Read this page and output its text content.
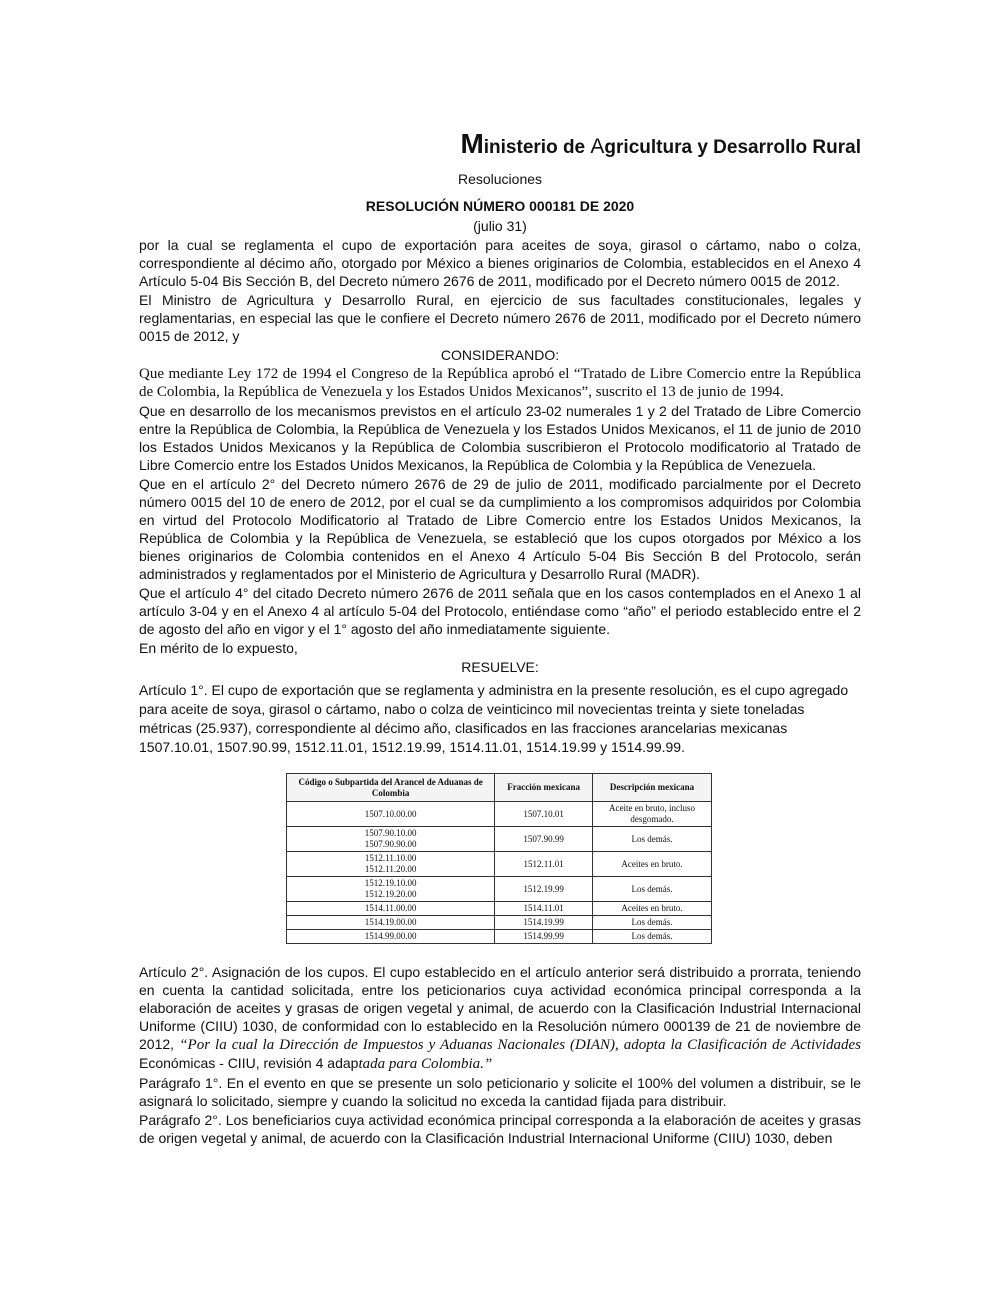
Ministerio de Agricultura y Desarrollo Rural
Resoluciones
RESOLUCIÓN NÚMERO 000181 DE 2020
(julio 31)

por la cual se reglamenta el cupo de exportación para aceites de soya, girasol o cártamo, nabo o colza, correspondiente al décimo año, otorgado por México a bienes originarios de Colombia, establecidos en el Anexo 4 Artículo 5-04 Bis Sección B, del Decreto número 2676 de 2011, modificado por el Decreto número 0015 de 2012.

El Ministro de Agricultura y Desarrollo Rural, en ejercicio de sus facultades constitucionales, legales y reglamentarias, en especial las que le confiere el Decreto número 2676 de 2011, modificado por el Decreto número 0015 de 2012, y

CONSIDERANDO:

Que mediante Ley 172 de 1994 el Congreso de la República aprobó el “Tratado de Libre Comercio entre la República de Colombia, la República de Venezuela y los Estados Unidos Mexicanos”, suscrito el 13 de junio de 1994.

Que en desarrollo de los mecanismos previstos en el artículo 23-02 numerales 1 y 2 del Tratado de Libre Comercio entre la República de Colombia, la República de Venezuela y los Estados Unidos Mexicanos, el 11 de junio de 2010 los Estados Unidos Mexicanos y la República de Colombia suscribieron el Protocolo modificatorio al Tratado de Libre Comercio entre los Estados Unidos Mexicanos, la República de Colombia y la República de Venezuela.

Que en el artículo 2° del Decreto número 2676 de 29 de julio de 2011, modificado parcialmente por el Decreto número 0015 del 10 de enero de 2012, por el cual se da cumplimiento a los compromisos adquiridos por Colombia en virtud del Protocolo Modificatorio al Tratado de Libre Comercio entre los Estados Unidos Mexicanos, la República de Colombia y la República de Venezuela, se estableció que los cupos otorgados por México a los bienes originarios de Colombia contenidos en el Anexo 4 Artículo 5-04 Bis Sección B del Protocolo, serán administrados y reglamentados por el Ministerio de Agricultura y Desarrollo Rural (MADR).

Que el artículo 4° del citado Decreto número 2676 de 2011 señala que en los casos contemplados en el Anexo 1 al artículo 3-04 y en el Anexo 4 al artículo 5-04 del Protocolo, entiéndase como “año” el periodo establecido entre el 2 de agosto del año en vigor y el 1° agosto del año inmediatamente siguiente.

En mérito de lo expuesto,

RESUELVE:

Artículo 1°. El cupo de exportación que se reglamenta y administra en la presente resolución, es el cupo agregado para aceite de soya, girasol o cártamo, nabo o colza de veinticinco mil novecientas treinta y siete toneladas métricas (25.937), correspondiente al décimo año, clasificados en las fracciones arancelarias mexicanas 1507.10.01, 1507.90.99, 1512.11.01, 1512.19.99, 1514.11.01, 1514.19.99 y 1514.99.99.
Código o Subpartida del Arancel de Aduanas de Colombia	Fracción mexicana	Descripción mexicana
1507.10.00.00	1507.10.01	Aceite en bruto, incluso desgomado.
1507.90.10.00
1507.90.90.00	1507.90.99	Los demás.
1512.11.10.00
1512.11.20.00	1512.11.01	Aceites en bruto.
1512.19.10.00
1512.19.20.00	1512.19.99	Los demás.
1514.11.00.00	1514.11.01	Aceites en bruto.
1514.19.00.00	1514.19.99	Los demás.
1514.99.00.00	1514.99.99	Los demás.

Artículo 2°. Asignación de los cupos. El cupo establecido en el artículo anterior será distribuido a prorrata, teniendo en cuenta la cantidad solicitada, entre los peticionarios cuya actividad económica principal corresponda a la elaboración de aceites y grasas de origen vegetal y animal, de acuerdo con la Clasificación Industrial Internacional Uniforme (CIIU) 1030, de conformidad con lo establecido en la Resolución número 000139 de 21 de noviembre de 2012, “Por la cual la Dirección de Impuestos y Aduanas Nacionales (DIAN), adopta la Clasificación de Actividades Económicas - CIIU, revisión 4 adaptada para Colombia.”

Parágrafo 1°. En el evento en que se presente un solo peticionario y solicite el 100% del volumen a distribuir, se le asignará lo solicitado, siempre y cuando la solicitud no exceda la cantidad fijada para distribuir.

Parágrafo 2°. Los beneficiarios cuya actividad económica principal corresponda a la elaboración de aceites y grasas de origen vegetal y animal, de acuerdo con la Clasificación Industrial Internacional Uniforme (CIIU) 1030, deben
